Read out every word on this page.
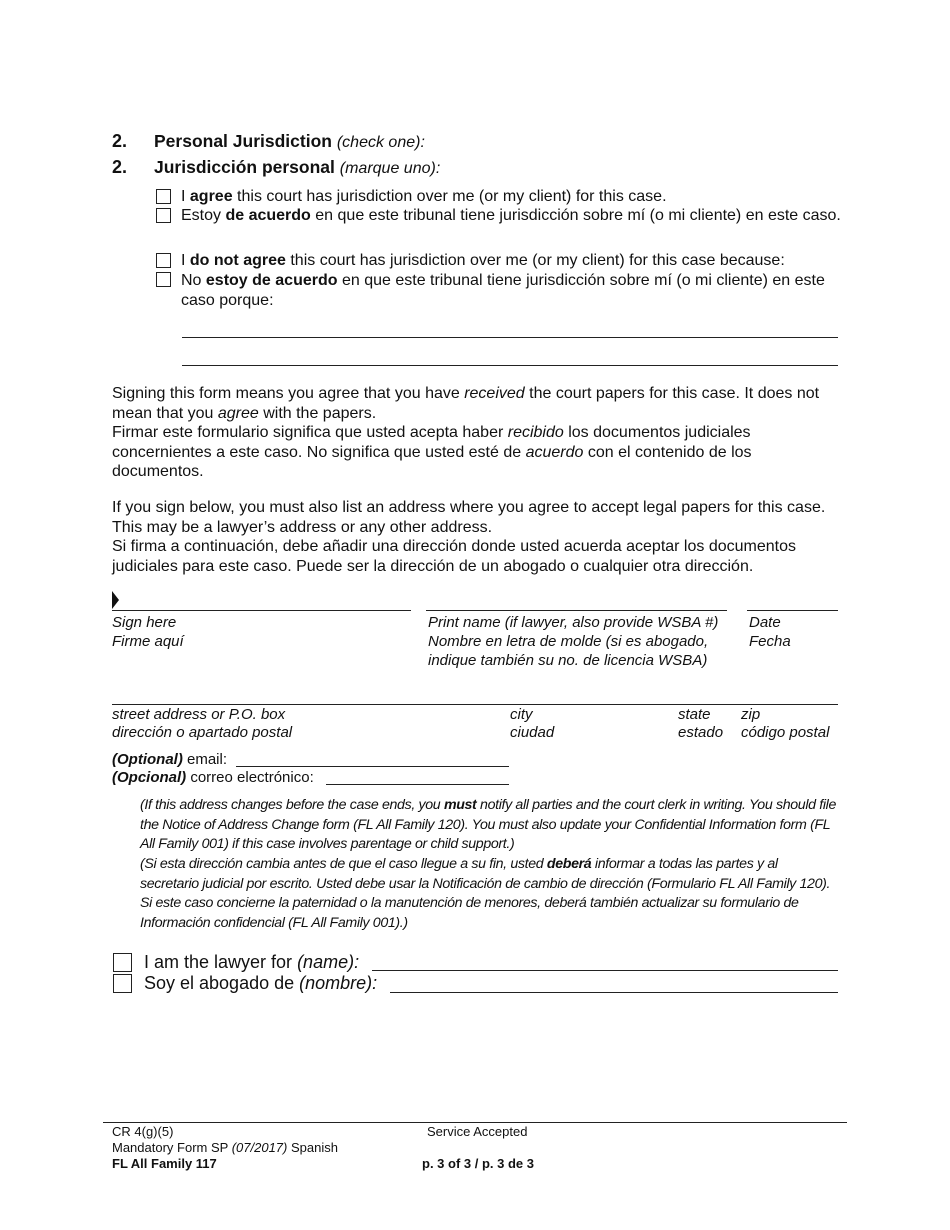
2. Personal Jurisdiction (check one):
2. Jurisdicción personal (marque uno):
I agree this court has jurisdiction over me (or my client) for this case.
Estoy de acuerdo en que este tribunal tiene jurisdicción sobre mí (o mi cliente) en este caso.
I do not agree this court has jurisdiction over me (or my client) for this case because:
No estoy de acuerdo en que este tribunal tiene jurisdicción sobre mí (o mi cliente) en este caso porque:
Signing this form means you agree that you have received the court papers for this case. It does not mean that you agree with the papers.
Firmar este formulario significa que usted acepta haber recibido los documentos judiciales concernientes a este caso. No significa que usted esté de acuerdo con el contenido de los documentos.
If you sign below, you must also list an address where you agree to accept legal papers for this case. This may be a lawyer’s address or any other address.
Si firma a continuación, debe añadir una dirección donde usted acuerda aceptar los documentos judiciales para este caso. Puede ser la dirección de un abogado o cualquier otra dirección.
Sign here
Firme aquí
Print name (if lawyer, also provide WSBA #)
Nombre en letra de molde (si es abogado, indique también su no. de licencia WSBA)
Date
Fecha
street address or P.O. box
dirección o apartado postal
city
ciudad
state
estado
zip
código postal
(Optional) email:
(Opcional) correo electrónico:
(If this address changes before the case ends, you must notify all parties and the court clerk in writing. You should file the Notice of Address Change form (FL All Family 120). You must also update your Confidential Information form (FL All Family 001) if this case involves parentage or child support.)
(Si esta dirección cambia antes de que el caso llegue a su fin, usted deberá informar a todas las partes y al secretario judicial por escrito. Usted debe usar la Notificación de cambio de dirección (Formulario FL All Family 120). Si este caso concierne la paternidad o la manutención de menores, deberá también actualizar su formulario de Información confidencial (FL All Family 001).)
I am the lawyer for (name):
Soy el abogado de (nombre):
CR 4(g)(5)
Mandatory Form SP (07/2017) Spanish
FL All Family 117
Service Accepted
p. 3 of 3 / p. 3 de 3
